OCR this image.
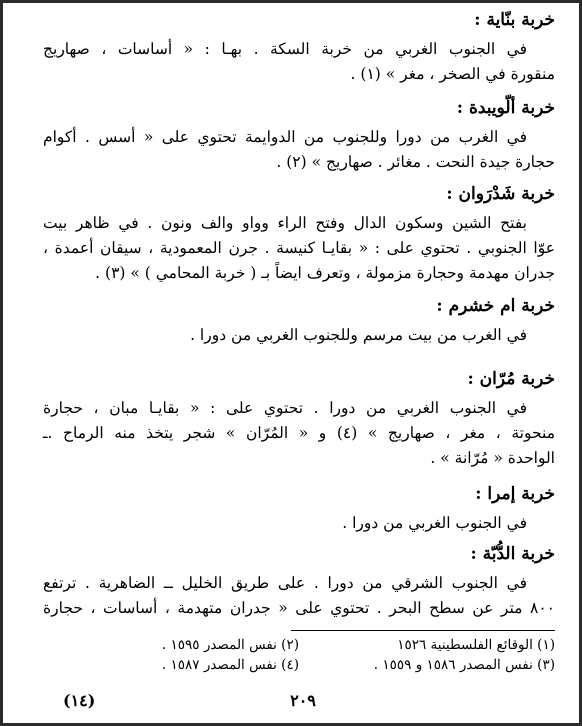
خربة بنّاية :
في الجنوب الغربي من خربة السكة . بهـا : « أساسات ، صهاريج
منقورة في الصخر ، مغر » (١) .
خربة ألّويبدة :
في الغرب من دورا وللجنوب من الدوايمة تحتوي على « أسس . أكوام
حجارة جيدة النحت . مغائر . صهاريج » (٢) .
خربة شَدْرَوان :
بفتح الشين وسكون الدال وفتح الراء وواو والف ونون . في ظاهر بيت
عوّا الجنوبي . تحتوي على : « بقايـا كنيسة . جرن المعمودية ، سيقان أعمدة ،
جدران مهدمة وحجارة مزمولة ، وتعرف ايضاً بـ ( خربة المحامي ) » (٣) .
خربة ام خشرم :
في الغرب من بيت مرسم وللجنوب الغربي من دورا .
خربة مُرّان :
في الجنوب الغربي من دورا . تحتوي على : « بقايـا مبان ، حجارة
منحوتة ، مغر ، صهاريج » (٤) و « المُرّان » شجر يتخذ منه الرماح .ـ
الواحدة « مُرّانة » .
خربة إمرا :
في الجنوب الغربي من دورا .
خربة الدُّبّة :
في الجنوب الشرقي من دورا . على طريق الخليل ــ الضاهرية . ترتفع
٨٠٠ متر عن سطح البحر . تحتوي على « جدران متهدمة ، أساسات ، حجارة
(١) الوقائع الفلسطينية ١٥٢٦
(٢) نفس المصدر ١٥٩٥ .
(٣) نفس المصدر ١٥٨٦ و ١٥٥٩ .
(٤) نفس المصدر ١٥٨٧ .
٢٠٩
(١٤)
